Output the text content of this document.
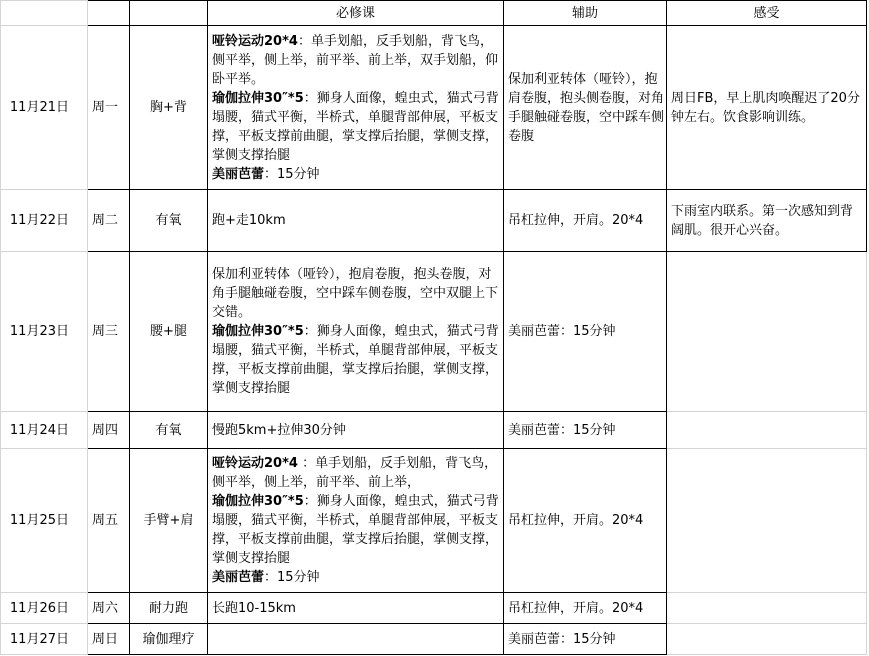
			必修课	辅助	感受
11月21日	周一	胸+背	哑铃运动20*4：单手划船，反手划船，背飞鸟，侧平举，侧上举，前平举、前上举，双手划船，仰卧平举。
瑜伽拉伸30″*5：狮身人面像，蝗虫式，猫式弓背塌腰，猫式平衡，半桥式，单腿背部伸展，平板支撑，平板支撑前曲腿，掌支撑后抬腿，掌侧支撑，掌侧支撑抬腿
美丽芭蕾：15分钟	保加利亚转体（哑铃），抱肩卷腹，抱头侧卷腹，对角手腿触碰卷腹，空中踩车侧卷腹	周日FB，早上肌肉唤醒迟了20分钟左右。饮食影响训练。
11月22日	周二	有氧	跑+走10km	吊杠拉伸，开肩。20*4	下雨室内联系。第一次感知到背阔肌。很开心兴奋。
11月23日	周三	腰+腿	保加利亚转体（哑铃），抱肩卷腹，抱头卷腹，对角手腿触碰卷腹，空中踩车侧卷腹，空中双腿上下交错。
瑜伽拉伸30″*5：狮身人面像，蝗虫式，猫式弓背塌腰，猫式平衡，半桥式，单腿背部伸展，平板支撑，平板支撑前曲腿，掌支撑后抬腿，掌侧支撑，掌侧支撑抬腿	美丽芭蕾：15分钟	
11月24日	周四	有氧	慢跑5km+拉伸30分钟	美丽芭蕾：15分钟	
11月25日	周五	手臂+肩	哑铃运动20*4 ：单手划船，反手划船，背飞鸟，侧平举，侧上举，前平举、前上举，
瑜伽拉伸30″*5：狮身人面像，蝗虫式，猫式弓背塌腰，猫式平衡，半桥式，单腿背部伸展，平板支撑，平板支撑前曲腿，掌支撑后抬腿，掌侧支撑，掌侧支撑抬腿
美丽芭蕾：15分钟	吊杠拉伸，开肩。20*4	
11月26日	周六	耐力跑	长跑10-15km	吊杠拉伸，开肩。20*4	
11月27日	周日	瑜伽理疗		美丽芭蕾：15分钟	
